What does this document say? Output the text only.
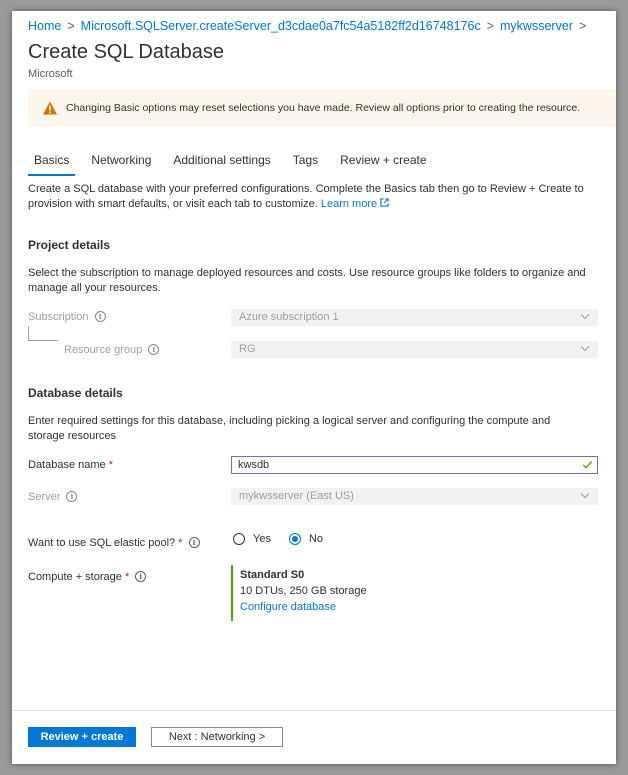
Home > Microsoft.SQLServer.createServer_d3cdae0a7fc54a5182ff2d16748176c > mykwsserver >
Create SQL Database
Microsoft
Changing Basic options may reset selections you have made. Review all options prior to creating the resource.
Basics	Networking	Additional settings	Tags	Review + create
Create a SQL database with your preferred configurations. Complete the Basics tab then go to Review + Create to provision with smart defaults, or visit each tab to customize. Learn more
Project details
Select the subscription to manage deployed resources and costs. Use resource groups like folders to organize and manage all your resources.
Subscription i	Azure subscription 1
Resource group i	RG
Database details
Enter required settings for this database, including picking a logical server and configuring the compute and storage resources
Database name *	kwsdb
Server i	mykwsserver (East US)
Want to use SQL elastic pool? * i	Yes	No
Compute + storage * i	Standard S0
10 DTUs, 250 GB storage
Configure database
Review + create	Next : Networking >
